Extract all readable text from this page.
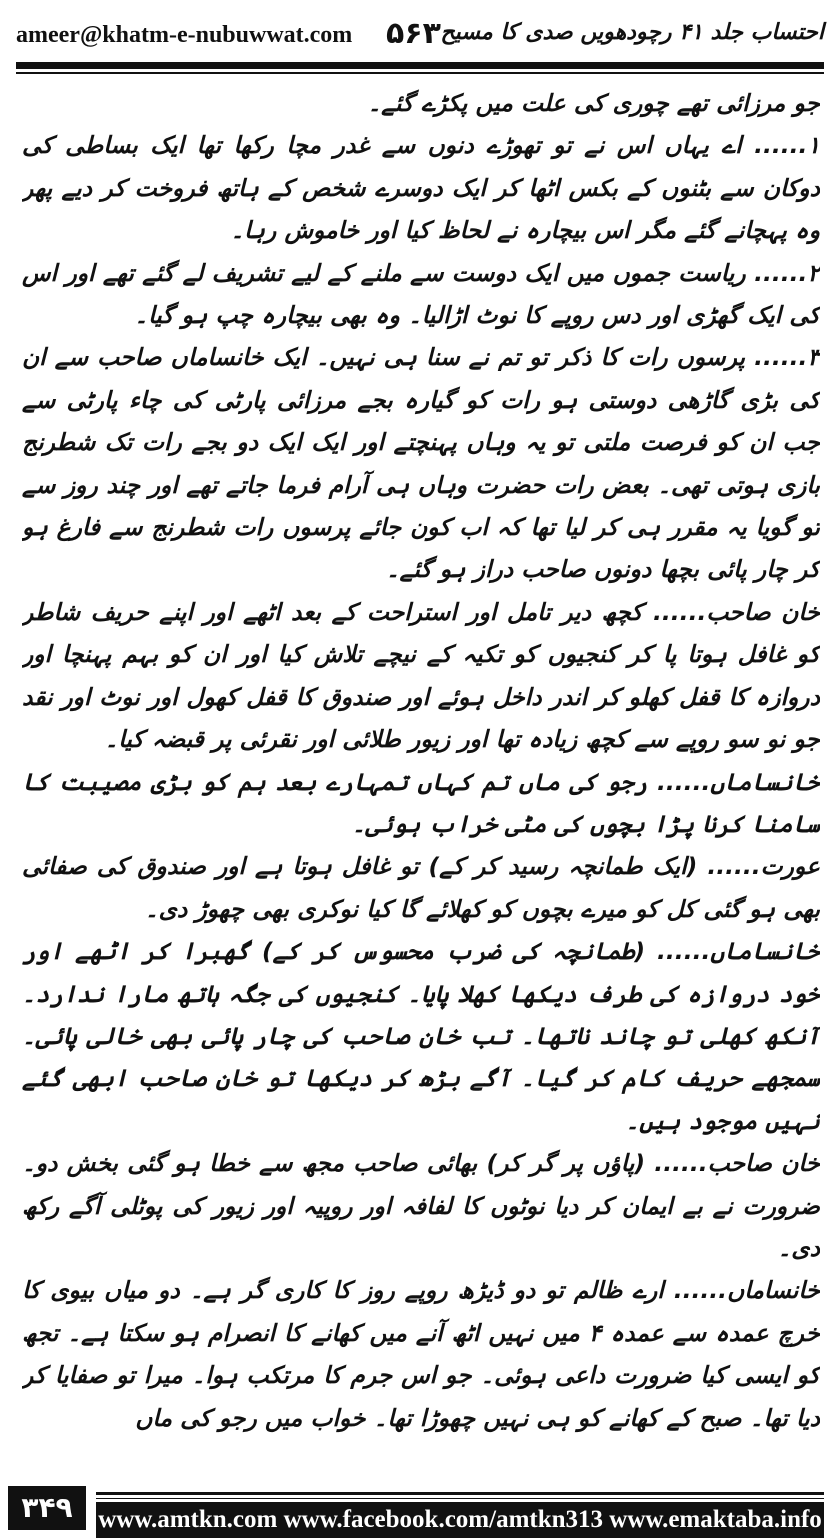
ameer@khatm-e-nubuwwat.com ۵۶۳ احتساب جلد ۴۱ رچودھویں صدی کا مسیح

جو مرزائی تھے چوری کی علت میں پکڑے گئے۔

۱...... اے یہاں اس نے تو تھوڑے دنوں سے غدر مچا رکھا تھا ایک بساطی کی دوکان سے بٹنوں کے بکس اٹھا کر ایک دوسرے شخص کے ہاتھ فروخت کر دیے پھر وہ پہچانے گئے مگر اس بیچارہ نے لحاظ کیا اور خاموش رہا۔

۲...... ریاست جموں میں ایک دوست سے ملنے کے لیے تشریف لے گئے تھے اور اس کی ایک گھڑی اور دس روپے کا نوٹ اڑالیا۔ وہ بھی بیچارہ چپ ہو گیا۔

۳...... پرسوں رات کا ذکر تو تم نے سنا ہی نہیں۔ ایک خانساماں صاحب سے ان کی بڑی گاڑھی دوستی ہو رات کو گیارہ بجے مرزائی پارٹی کی چاء پارٹی سے جب ان کو فرصت ملتی تو یہ وہاں پہنچتے اور ایک ایک دو بجے رات تک شطرنج بازی ہوتی تھی۔ بعض رات حضرت وہاں ہی آرام فرما جاتے تھے اور چند روز سے تو گویا یہ مقرر ہی کر لیا تھا کہ اب کون جائے پرسوں رات شطرنج سے فارغ ہو کر چار پائی بچھا دونوں صاحب دراز ہو گئے۔

خان صاحب...... کچھ دیر تامل اور استراحت کے بعد اٹھے اور اپنے حریف شاطر کو غافل ہوتا پا کر کنجیوں کو تکیہ کے نیچے تلاش کیا اور ان کو بہم پہنچا اور دروازہ کا قفل کھلو کر اندر داخل ہوئے اور صندوق کا قفل کھول اور نوٹ اور نقد جو نو سو روپے سے کچھ زیادہ تھا اور زیور طلائی اور نقرئی پر قبضہ کیا۔

خانساماں...... رجو کی ماں تم کہاں تمہارے بعد ہم کو بڑی مصیبت کا سامنا کرنا پڑا بچوں کی مٹی خراب ہوئی۔

عورت...... (ایک طمانچہ رسید کر کے) تو غافل ہوتا ہے اور صندوق کی صفائی بھی ہو گئی کل کو میرے بچوں کو کھلائے گا کیا نوکری بھی چھوڑ دی۔

خانساماں...... (طمانچہ کی ضرب محسوس کر کے) گھبرا کر اٹھے اور خود دروازہ کی طرف دیکھا کھلا پایا۔ کنجیوں کی جگہ ہاتھ مارا ندارد۔ آنکھ کھلی تو چاند ناتھا۔ تب خان صاحب کی چار پائی بھی خالی پائی۔ سمجھے حریف کام کر گیا۔ آگے بڑھ کر دیکھا تو خان صاحب ابھی گئے نہیں موجود ہیں۔

خان صاحب...... (پاؤں پر گر کر) بھائی صاحب مجھ سے خطا ہو گئی بخش دو۔ ضرورت نے بے ایمان کر دیا نوٹوں کا لفافہ اور روپیہ اور زیور کی پوٹلی آگے رکھ دی۔

خانساماں...... ارے ظالم تو دو ڈیڑھ روپے روز کا کاری گر ہے۔ دو میاں بیوی کا خرچ عمدہ سے عمدہ ۴ میں نہیں اٹھ آنے میں کھانے کا انصرام ہو سکتا ہے۔ تجھ کو ایسی کیا ضرورت داعی ہوئی۔ جو اس جرم کا مرتکب ہوا۔ میرا تو صفایا کر دیا تھا۔ صبح کے کھانے کو ہی نہیں چھوڑا تھا۔ خواب میں رجو کی ماں

۳۴۹	www.amtkn.com www.facebook.com/amtkn313 www.emaktaba.info
